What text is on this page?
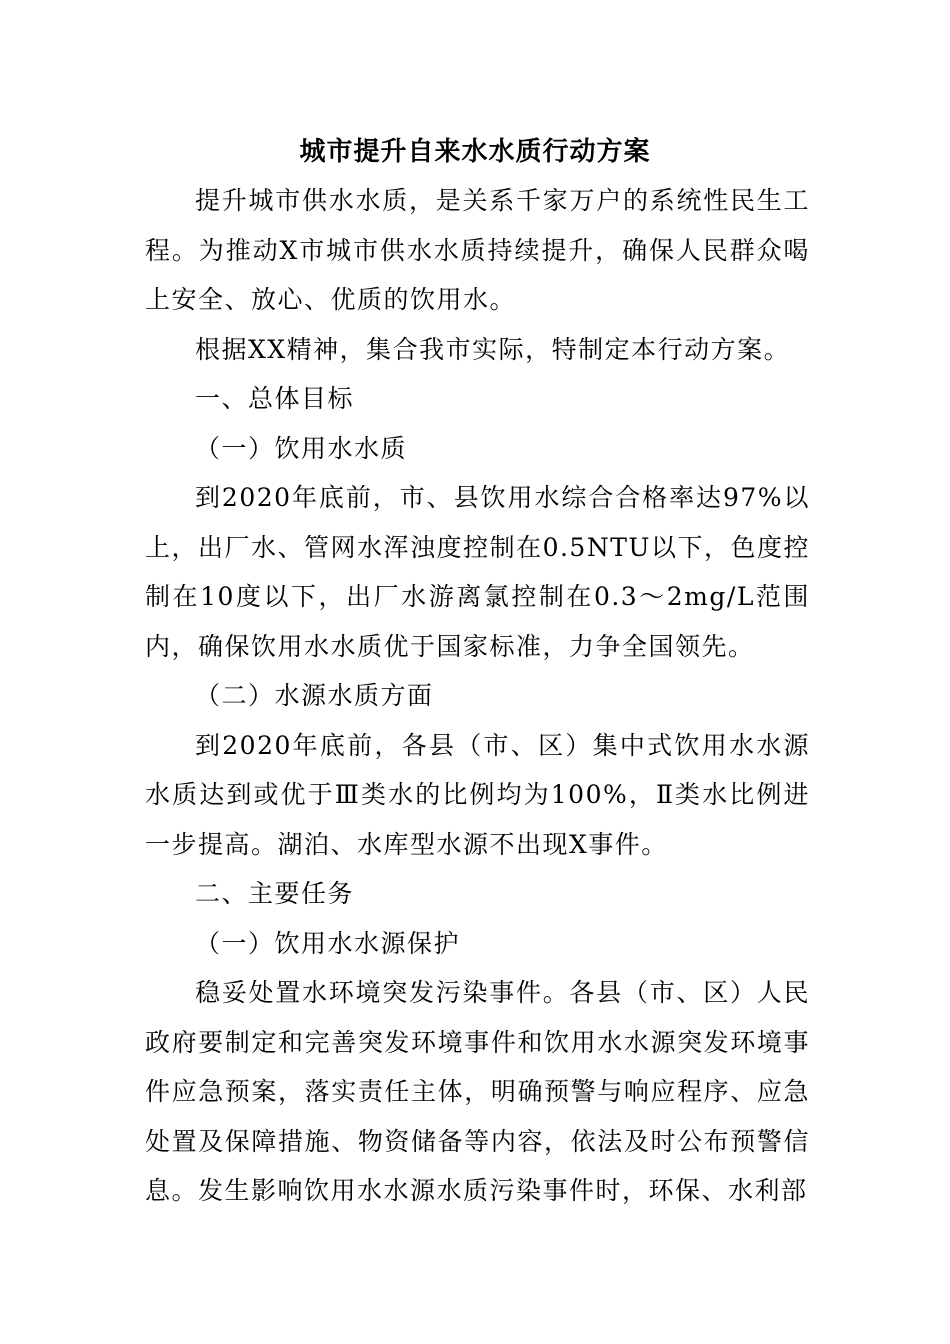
城市提升自来水水质行动方案

提升城市供水水质，是关系千家万户的系统性民生工程。为推动X市城市供水水质持续提升，确保人民群众喝上安全、放心、优质的饮用水。

根据XX精神，集合我市实际，特制定本行动方案。

一、总体目标

（一）饮用水水质

到2020年底前，市、县饮用水综合合格率达97%以上，出厂水、管网水浑浊度控制在0.5NTU以下，色度控制在10度以下，出厂水游离氯控制在0.3～2mg/L范围内，确保饮用水水质优于国家标准，力争全国领先。

（二）水源水质方面

到2020年底前，各县（市、区）集中式饮用水水源水质达到或优于Ⅲ类水的比例均为100%，Ⅱ类水比例进一步提高。湖泊、水库型水源不出现X事件。

二、主要任务

（一）饮用水水源保护

稳妥处置水环境突发污染事件。各县（市、区）人民政府要制定和完善突发环境事件和饮用水水源突发环境事件应急预案，落实责任主体，明确预警与响应程序、应急处置及保障措施、物资储备等内容，依法及时公布预警信息。发生影响饮用水水源水质污染事件时，环保、水利部
